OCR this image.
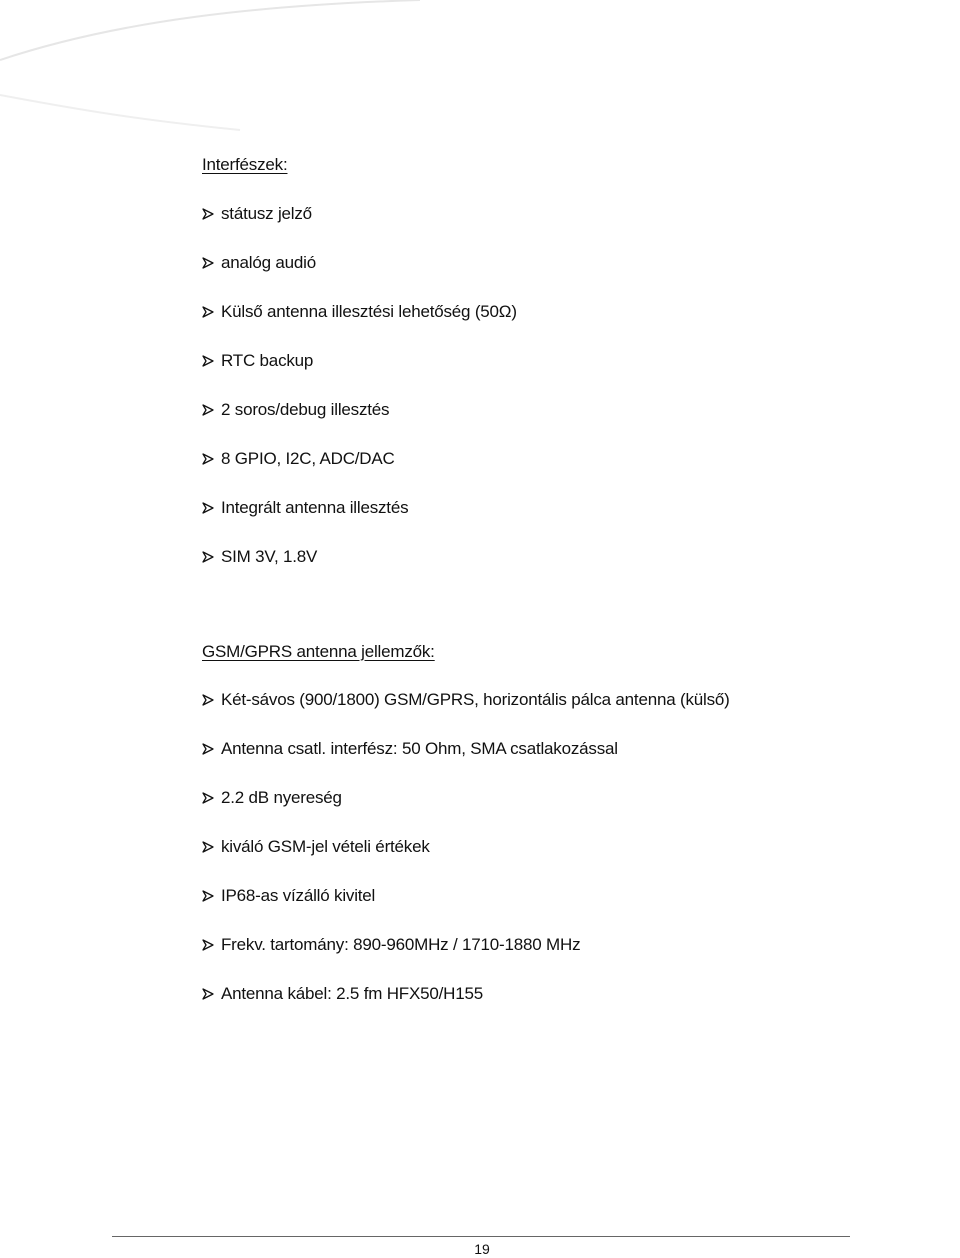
Interfészek:
státusz jelző
analóg audió
Külső antenna illesztési lehetőség (50Ω)
RTC backup
2 soros/debug illesztés
8 GPIO, I2C, ADC/DAC
Integrált antenna illesztés
SIM 3V, 1.8V
GSM/GPRS antenna jellemzők:
Két-sávos (900/1800) GSM/GPRS, horizontális pálca antenna (külső)
Antenna csatl. interfész: 50 Ohm, SMA csatlakozással
2.2 dB nyereség
kiváló GSM-jel vételi értékek
IP68-as vízálló kivitel
Frekv. tartomány: 890-960MHz / 1710-1880 MHz
Antenna kábel: 2.5 fm HFX50/H155
19
